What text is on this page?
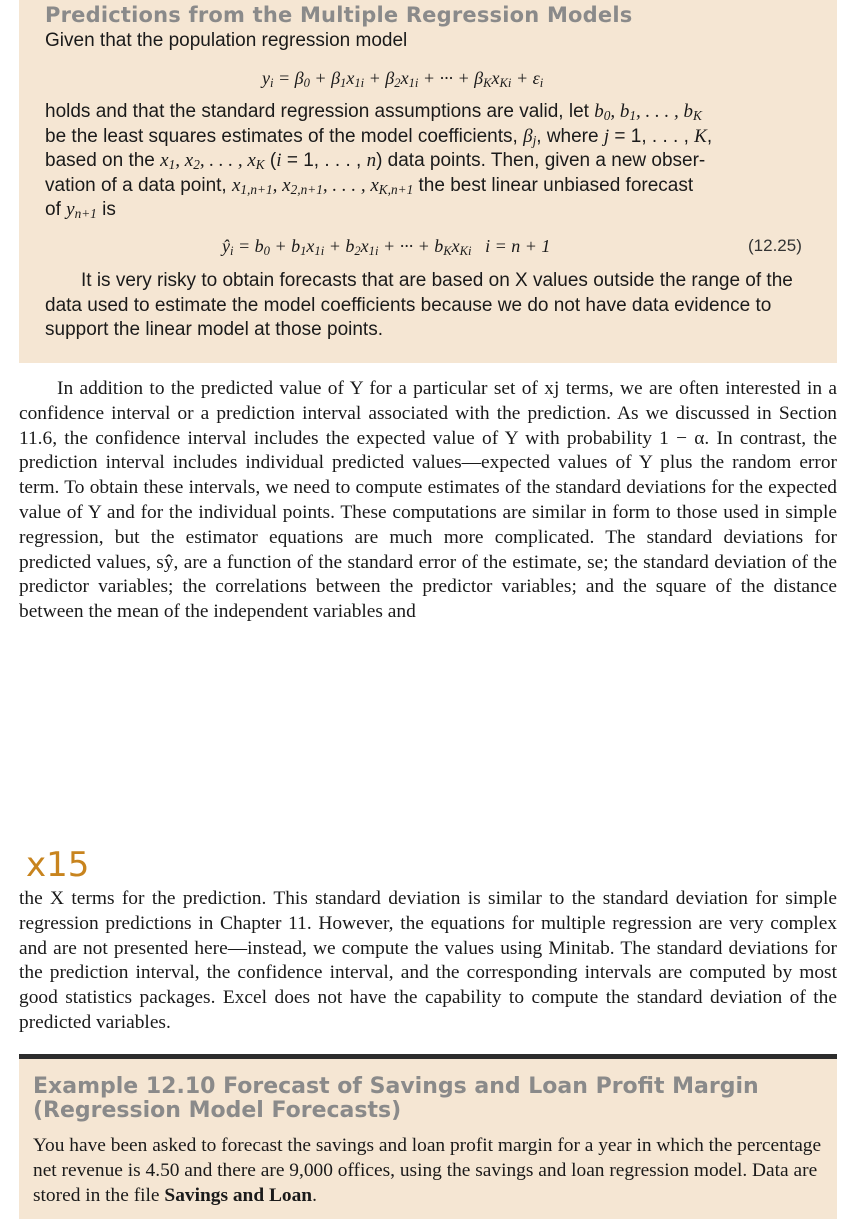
Predictions from the Multiple Regression Models
Given that the population regression model
$y_i = \beta_0 + \beta_1x_{1i} + \beta_2x_{1i}$ + ··· + $\beta_Kx_{Ki} + \varepsilon_i$
holds and that the standard regression assumptions are valid, let $b_0$, $b_1$, . . . , $b_K$
be the least squares estimates of the model coefficients, $\beta_j$, where j = 1, . . . , K,
based on the $x_1$, $x_2$, . . . , $x_K$ (i = 1, . . . , n) data points. Then, given a new obser-
vation of a data point, $x_{1,n+1}$, $x_{2,n+1}$, . . . , $x_{K,n+1}$ the best linear unbiased forecast
of $y_{n+1}$ is
$ŷ_i = b_0 + b_1x_{1i} + b_2x_{1i}$ + ··· + $b_Kx_{Ki}$   i = n + 1	(12.25)
It is very risky to obtain forecasts that are based on X values outside the range of the data used to estimate the model coefficients because we do not have data evidence to support the linear model at those points.
In addition to the predicted value of Y for a particular set of xj terms, we are often interested in a confidence interval or a prediction interval associated with the prediction. As we discussed in Section 11.6, the confidence interval includes the expected value of Y with probability 1 − α. In contrast, the prediction interval includes individual predicted values—expected values of Y plus the random error term. To obtain these intervals, we need to compute estimates of the standard deviations for the expected value of Y and for the individual points. These computations are similar in form to those used in simple regression, but the estimator equations are much more complicated. The standard deviations for predicted values, sŷ, are a function of the standard error of the estimate, se; the standard deviation of the predictor variables; the correlations between the predictor variables; and the square of the distance between the mean of the independent variables and
x15
the X terms for the prediction. This standard deviation is similar to the standard deviation for simple regression predictions in Chapter 11. However, the equations for multiple regression are very complex and are not presented here—instead, we compute the values using Minitab. The standard deviations for the prediction interval, the confidence interval, and the corresponding intervals are computed by most good statistics packages. Excel does not have the capability to compute the standard deviation of the predicted variables.
Example 12.10 Forecast of Savings and Loan Profit Margin (Regression Model Forecasts)
You have been asked to forecast the savings and loan profit margin for a year in which the percentage net revenue is 4.50 and there are 9,000 offices, using the savings and loan regression model. Data are stored in the file Savings and Loan.
